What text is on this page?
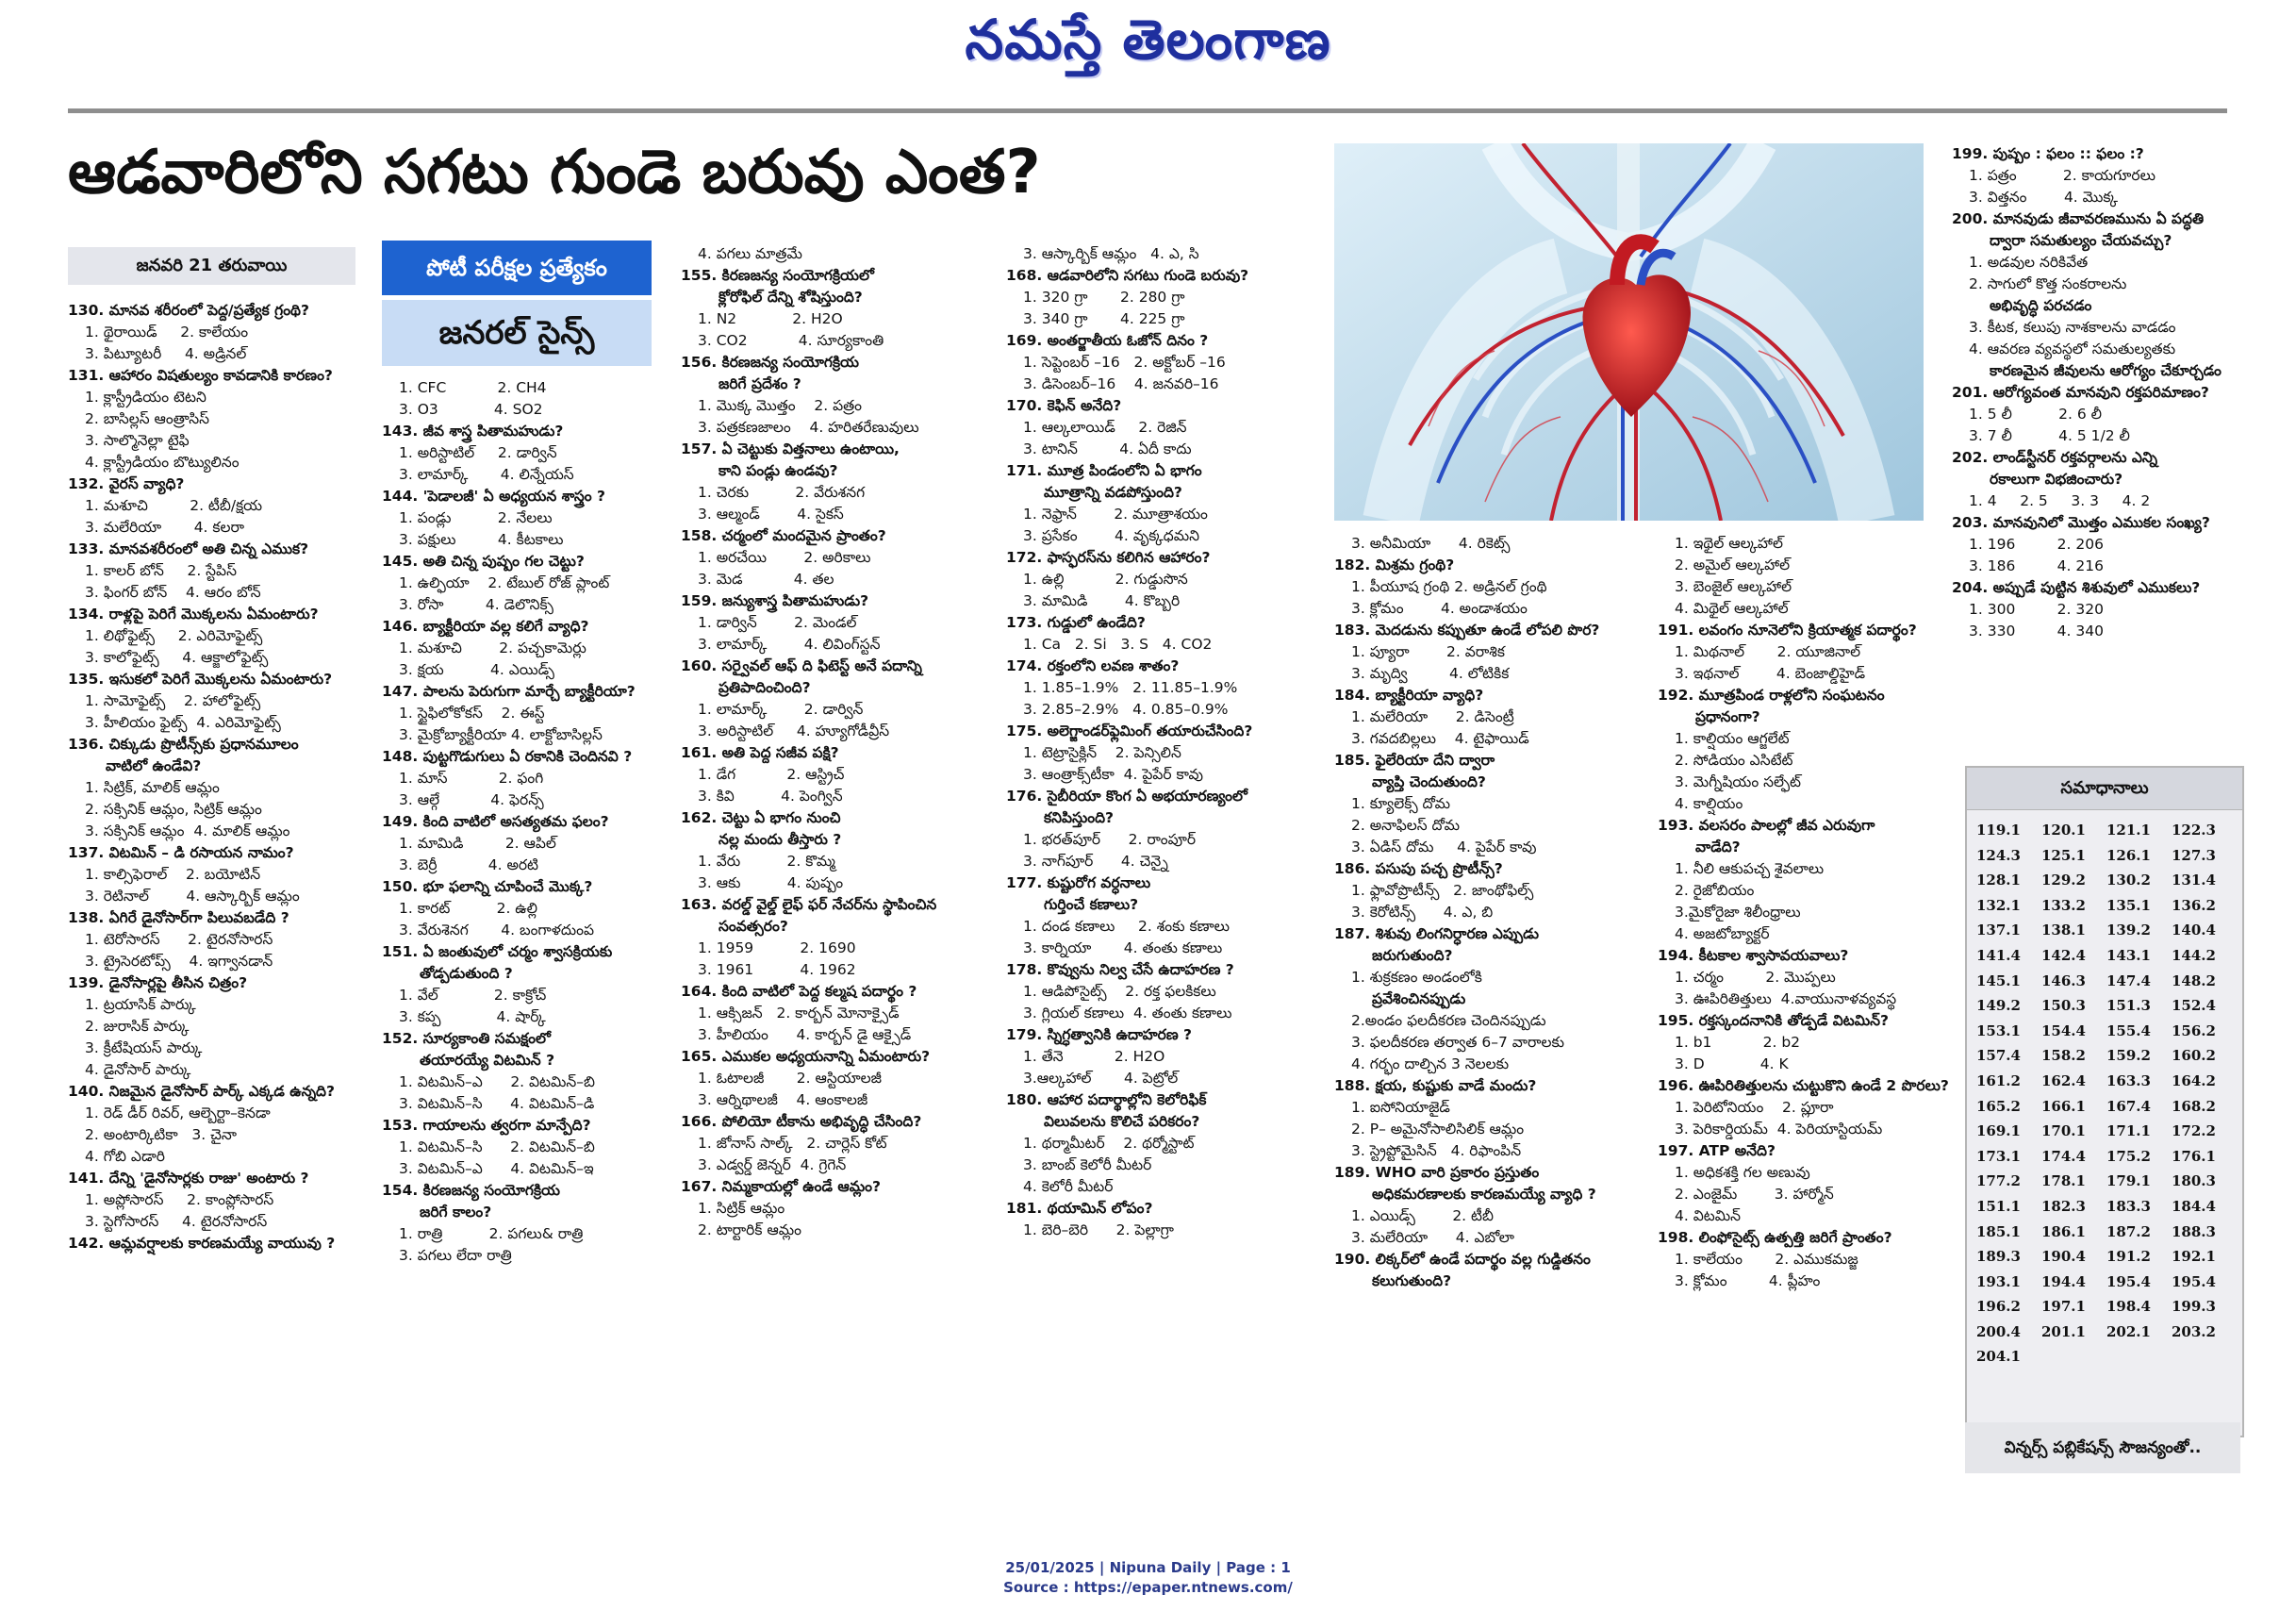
నమస్తే తెలంగాణ
ఆడవారిలోని సగటు గుండె బరువు ఎంత?
జనవరి 21 తరువాయి	పోటీ పరీక్షల ప్రత్యేకం
జనరల్ సైన్స్
130. మానవ శరీరంలో పెద్ద/ప్రత్యేక గ్రంథి?
1. థైరాయిడ్     2. కాలేయం
3. పిట్యూటరీ     4. అడ్రినల్
131. ఆహారం విషతుల్యం కావడానికి కారణం?
1. క్లాస్ట్రీడియం టెటని
2. బాసిల్లస్ ఆంత్రాసిస్
3. సాల్మొనెల్లా టైఫి
4. క్లాస్ట్రీడియం బొట్యులినం
132. వైరస్ వ్యాధి?
1. మశూచి         2. టీబీ/క్షయ
3. మలేరియా       4. కలరా
133. మానవశరీరంలో అతి చిన్న ఎముక?
1. కాలర్ బోన్     2. స్టేపిస్
3. ఫింగర్ బోన్    4. ఆరం బోన్
134. రాళ్లపై పెరిగే మొక్కలను ఏమంటారు?
1. లిథోఫైట్స్     2. ఎరిమోఫైట్స్
3. కాలోఫైట్స్     4. ఆక్జాలోఫైట్స్
135. ఇసుకలో పెరిగే మొక్కలను ఏమంటారు?
1. సామోఫైట్స్    2. హాలోఫైట్స్
3. హీలియం ఫైట్స్  4. ఎరిమోఫైట్స్
136. చిక్కుడు ప్రొటీన్స్‌కు ప్రధానమూలం
వాటిలో ఉండేవి?
1. సిట్రిక్, మాలిక్ ఆమ్లం
2. సక్సినిక్ ఆమ్లం, సిట్రిక్ ఆమ్లం
3. సక్సినిక్ ఆమ్లం  4. మాలిక్ ఆమ్లం
137. విటమిన్ – డి రసాయన నామం?
1. కాల్సిఫెరాల్    2. బయోటిన్
3. రెటినాల్        4. ఆస్కార్బిక్ ఆమ్లం
138. ఏగిరే డైనోసార్‌గా పిలువబడేది ?
1. టెరోసారస్      2. టైరనోసారస్
3. ట్రైసెరటోప్స్    4. ఇగ్వానడాన్
139. డైనోసార్లపై తీసిన చిత్రం?
1. ట్రయాసిక్ పార్కు
2. జురాసిక్ పార్కు
3. క్రీటేషియస్ పార్కు
4. డైనోసార్ పార్కు
140. నిజమైన డైనోసార్ పార్క్ ఎక్కడ ఉన్నది?
1. రెడ్ డీర్ రివర్, ఆల్బెర్టా–కెనడా
2. అంటార్కిటికా   3. చైనా
4. గోబి ఎడారి
141. దేన్ని 'డైనోసార్లకు రాజు' అంటారు ?
1. అప్లోసారస్     2. కాంప్లోసారస్
3. స్టెగోసారస్     4. టైరనోసారస్
142. ఆమ్లవర్షాలకు కారణమయ్యే వాయువు ?
1. CFC           2. CH4
3. O3            4. SO2
143. జీవ శాస్త్ర పితామహుడు?
1. అరిస్టాటిల్     2. డార్విన్
3. లామార్క్       4. లిన్నేయస్
144. 'పెడాలజీ' ఏ అధ్యయన శాస్త్రం ?
1. పండ్లు          2. నేలలు
3. పక్షులు         4. కీటకాలు
145. అతి చిన్న పుష్పం గల చెట్టు?
1. ఉల్ఫియా    2. టేబుల్ రోజ్ ప్లాంట్
3. రోసా         4. డెలొనిక్స్
146. బ్యాక్టీరియా వల్ల కలిగే వ్యాధి?
1. మశూచి        2. పచ్చకామెర్లు
3. క్షయ          4. ఎయిడ్స్
147. పాలను పెరుగుగా మార్చే బ్యాక్టీరియా?
1. స్టైఫిలోకోకస్    2. ఈస్ట్
3. మైక్రోబ్యాక్టీరియా 4. లాక్టోబాసిల్లస్
148. పుట్టగొడుగులు ఏ రకానికి చెందినవి ?
1. మాస్           2. ఫంగి
3. ఆల్గే           4. ఫెరన్స్
149. కింది వాటిలో అసత్యతమ ఫలం?
1. మామిడి         2. ఆపిల్
3. బెర్రీ           4. అరటి
150. భూ ఫలాన్ని చూపించే మొక్క?
1. కారట్          2. ఉల్లి
3. వేరుశెనగ       4. బంగాళదుంప
151. ఏ జంతువులో చర్మం శ్వాసక్రియకు
తోడ్పడుతుంది ?
1. వేల్            2. కాక్రోచ్
3. కప్ప            4. షార్క్
152. సూర్యకాంతి సమక్షంలో
తయారయ్యే విటమిన్ ?
1. విటమిన్–ఎ      2. విటమిన్–బి
3. విటమిన్–సి      4. విటమిన్–డి
153. గాయాలను త్వరగా మాన్పేది?
1. విటమిన్–సి      2. విటమిన్–బి
3. విటమిన్–ఎ      4. విటమిన్–ఇ
154. కిరణజన్య సంయోగక్రియ
జరిగే కాలం?
1. రాత్రి          2. పగలు& రాత్రి
3. పగలు లేదా రాత్రి
4. పగలు మాత్రమే
155. కిరణజన్య సంయోగక్రియలో
క్లోరోఫిల్ దేన్ని శోషిస్తుంది?
1. N2            2. H2O
3. CO2           4. సూర్యకాంతి
156. కిరణజన్య సంయోగక్రియ
జరిగే ప్రదేశం ?
1. మొక్క మొత్తం    2. పత్రం
3. పత్రకణజాలం    4. హరితరేణువులు
157. ఏ చెట్టుకు విత్తనాలు ఉంటాయి,
కాని పండ్లు ఉండవు?
1. చెరకు          2. వేరుశనగ
3. ఆల్మండ్        4. సైకస్
158. చర్మంలో మందమైన ప్రాంతం?
1. అరచేయి        2. అరికాలు
3. మెడ           4. తల
159. జన్యుశాస్త్ర పితామహుడు?
1. డార్విన్        2. మెండల్
3. లామార్క్        4. లివింగ్‌స్టన్
160. సర్వైవల్ ఆఫ్ ది ఫిటెస్ట్ అనే పదాన్ని
ప్రతిపాదించింది?
1. లామార్క్        2. డార్విన్
3. అరిస్టాటిల్     4. హ్యూగోడీవ్రీస్
161. అతి పెద్ద సజీవ పక్షి?
1. డేగ           2. ఆస్ట్రిచ్
3. కివి          4. పెంగ్విన్
162. చెట్టు ఏ భాగం నుంచి
నల్ల మందు తీస్తారు ?
1. వేరు          2. కొమ్మ
3. ఆకు          4. పుష్పం
163. వరల్డ్ వైల్డ్ లైఫ్ ఫర్ నేచర్‌ను స్థాపించిన
సంవత్సరం?
1. 1959          2. 1690
3. 1961          4. 1962
164. కింది వాటిలో పెద్ద కల్మష పదార్థం ?
1. ఆక్సిజన్   2. కార్బన్ మోనాక్సైడ్
3. హీలియం      4. కార్బన్ డై ఆక్సైడ్
165. ఎముకల అధ్యయనాన్ని ఏమంటారు?
1. ఓటాలజీ       2. ఆస్టియాలజీ
3. ఆర్నిథాలజీ    4. ఆంకాలజీ
166. పోలియో టీకాను అభివృద్ధి చేసింది?
1. జోనాస్ సాల్క్   2. చార్లెస్ కోట్
3. ఎడ్వర్డ్ జెన్నర్  4. గ్రెగెన్
167. నిమ్మకాయల్లో ఉండే ఆమ్లం?
1. సిట్రిక్ ఆమ్లం
2. టార్టారిక్ ఆమ్లం
3. ఆస్కార్బిక్ ఆమ్లం   4. ఎ, సి
168. ఆడవారిలోని సగటు గుండె బరువు?
1. 320 గ్రా       2. 280 గ్రా
3. 340 గ్రా       4. 225 గ్రా
169. అంతర్జాతీయ ఓజోన్ దినం ?
1. సెప్టెంబర్ –16   2. అక్టోబర్ –16
3. డిసెంబర్–16    4. జనవరి–16
170. కెఫిన్ అనేది?
1. ఆల్కలాయిడ్     2. రెజిన్
3. టానిన్         4. ఏదీ కాదు
171. మూత్ర పిండంలోని ఏ భాగం
మూత్రాన్ని వడపోస్తుంది?
1. నెఫ్రాన్        2. మూత్రాశయం
3. ప్రసేకం        4. వృక్కధమని
172. ఫాస్ఫరస్‌ను కలిగిన ఆహారం?
1. ఉల్లి           2. గుడ్డుసొన
3. మామిడి        4. కొబ్బరి
173. గుడ్డులో ఉండేది?
1. Ca   2. Si   3. S   4. CO2
174. రక్తంలోని లవణ శాతం?
1. 1.85–1.9%   2. 11.85–1.9%
3. 2.85–2.9%   4. 0.85–0.9%
175. అలెగ్జాండర్‌ఫ్లెమింగ్ తయారుచేసింది?
1. టెట్రాసైక్లిన్    2. పెన్సిలిన్
3. ఆంత్రాక్స్‌టీకా  4. పైపేర్ కావు
176. సైబీరియా కొంగ ఏ అభయారణ్యంలో
కనిపిస్తుంది?
1. భరత్‌పూర్      2. రాంపూర్
3. నాగ్‌పూర్      4. చెన్నై
177. కుష్టురోగ వర్ధనాలు
గుర్తించే కణాలు?
1. దండ కణాలు     2. శంకు కణాలు
3. కార్నియా       4. తంతు కణాలు
178. కొవ్వును నిల్వ చేసే ఉదాహరణ ?
1. ఆడిపోసైట్స్    2. రక్త ఫలకికలు
3. గ్లియల్ కణాలు  4. తంతు కణాలు
179. స్నిగ్ధత్వానికి ఉదాహరణ ?
1. తేనె           2. H2O
3.ఆల్కహాల్       4. పెట్రోల్
180. ఆహార పదార్థాల్లోని కెలోరిఫిక్
విలువలను కొలిచే పరికరం?
1. థర్మామీటర్    2. థర్మోస్టాట్
3. బాంబ్ కెలోరీ మీటర్
4. కెలోరీ మీటర్
181. థయామిన్ లోపం?
1. బెరి–బెరి      2. పెల్లాగ్రా
3. అనీమియా      4. రికెట్స్
182. మిశ్రమ గ్రంథి?
1. పీయూష గ్రంథి 2. అడ్రినల్ గ్రంథి
3. క్లోమం        4. అండాశయం
183. మెదడును కప్పుతూ ఉండే లోపలి పొర?
1. ప్యూరా        2. వరాశిక
3. మృద్వి         4. లోటికిక
184. బ్యాక్టీరియా వ్యాధి?
1. మలేరియా      2. డిసెంట్రీ
3. గవదబిల్లలు    4. టైఫాయిడ్
185. ఫైలేరియా దేని ద్వారా
వ్యాప్తి చెందుతుంది?
1. క్యూలెక్స్ దోమ
2. అనాఫిలస్ దోమ
3. ఏడిస్ దోమ     4. పైపేర్ కావు
186. పసుపు పచ్చ ప్రొటీన్స్?
1. ఫ్లావోప్రొటీన్స్   2. జాంథోఫిల్స్
3. కెరోటిన్స్      4. ఎ, బి
187. శిశువు లింగనిర్ధారణ ఎప్పుడు
జరుగుతుంది?
1. శుక్రకణం అండంలోకి
ప్రవేశించినప్పుడు
2.అండం ఫలదీకరణ చెందినప్పుడు
3. ఫలదీకరణ తర్వాత 6–7 వారాలకు
4. గర్భం దాల్చిన 3 నెలలకు
188. క్షయ, కుష్టుకు వాడే మందు?
1. ఐసోనియాజైడ్
2. P– అమైనోసాలిసిలిక్ ఆమ్లం
3. స్ట్రెప్టోమైసిన్   4. రిఫాంపిన్
189. WHO వారి ప్రకారం ప్రస్తుతం
అధికమరణాలకు కారణమయ్యే వ్యాధి ?
1. ఎయిడ్స్        2. టీబీ
3. మలేరియా      4. ఎబోలా
190. లిక్కర్‌లో ఉండే పదార్థం వల్ల గుడ్డితనం
కలుగుతుంది?
1. ఇథైల్ ఆల్కహాల్
2. అమైల్ ఆల్కహాల్
3. బెంజైల్ ఆల్కహాల్
4. మిథైల్ ఆల్కహాల్
191. లవంగం నూనెలోని క్రియాత్మక పదార్థం?
1. మిథనాల్       2. యూజినాల్
3. ఇథనాల్        4. బెంజాల్డిహైడ్
192. మూత్రపిండ రాళ్లలోని సంఘటనం
ప్రధానంగా?
1. కాల్షియం ఆగ్జలేట్
2. సోడియం ఎసిటేట్
3. మెగ్నీషియం సల్ఫేట్
4. కాల్షియం
193. వలసరం పాలల్లో జీవ ఎరువుగా
వాడేది?
1. నీలి ఆకుపచ్చ శైవలాలు
2. రైజోబియం
3.మైకోరైజా శిలీంధ్రాలు
4. అజటోబ్యాక్టర్
194. కీటకాల శ్వాసావయవాలు?
1. చర్మం         2. మొప్పలు
3. ఊపిరితిత్తులు  4.వాయునాళవ్యవస్థ
195. రక్తస్కందనానికి తోడ్పడే విటమిన్?
1. b1           2. b2
3. D            4. K
196. ఊపిరితిత్తులను చుట్టుకొని ఉండే 2 పొరలు?
1. పెరిటోనియం    2. ప్లూరా
3. పెరికార్డియమ్  4. పెరియాస్టియమ్
197. ATP అనేది?
1. అధికశక్తి గల అణువు
2. ఎంజైమ్        3. హార్మోన్
4. విటమిన్
198. లింఫోసైట్స్ ఉత్పత్తి జరిగే ప్రాంతం?
1. కాలేయం       2. ఎముకమజ్జ
3. క్లోమం         4. ప్లీహం
199. పుష్పం : ఫలం :: ఫలం :?
1. పత్రం          2. కాయగూరలు
3. విత్తనం        4. మొక్క
200. మానవుడు జీవావరణమును ఏ పద్ధతి
ద్వారా సమతుల్యం చేయవచ్చు?
1. అడవుల నరికివేత
2. సాగులో కొత్త సంకరాలను
అభివృద్ధి పరచడం
3. కీటక, కలుపు నాశకాలను వాడడం
4. ఆవరణ వ్యవస్థలో సమతుల్యతకు
కారణమైన జీవులను ఆరోగ్యం చేకూర్చడం
201. ఆరోగ్యవంత మానవుని రక్తపరిమాణం?
1. 5 లీ          2. 6 లీ
3. 7 లీ          4. 5 1/2 లీ
202. లాండ్‌స్టీనర్ రక్తవర్గాలను ఎన్ని
రకాలుగా విభజించారు?
1. 4     2. 5     3. 3     4. 2
203. మానవునిలో మొత్తం ఎముకల సంఖ్య?
1. 196         2. 206
3. 186         4. 216
204. అప్పుడే పుట్టిన శిశువులో ఎముకలు?
1. 300         2. 320
3. 330         4. 340
సమాధానాలు
119.1	120.1	121.1	122.3
124.3	125.1	126.1	127.3
128.1	129.2	130.2	131.4
132.1	133.2	135.1	136.2
137.1	138.1	139.2	140.4
141.4	142.4	143.1	144.2
145.1	146.3	147.4	148.2
149.2	150.3	151.3	152.4
153.1	154.4	155.4	156.2
157.4	158.2	159.2	160.2
161.2	162.4	163.3	164.2
165.2	166.1	167.4	168.2
169.1	170.1	171.1	172.2
173.1	174.4	175.2	176.1
177.2	178.1	179.1	180.3
151.1	182.3	183.3	184.4
185.1	186.1	187.2	188.3
189.3	190.4	191.2	192.1
193.1	194.4	195.4	195.4
196.2	197.1	198.4	199.3
200.4	201.1	202.1	203.2
204.1
విన్నర్స్ పబ్లికేషన్స్ సౌజన్యంతో..
25/01/2025 | Nipuna Daily | Page : 1
Source : https://epaper.ntnews.com/
